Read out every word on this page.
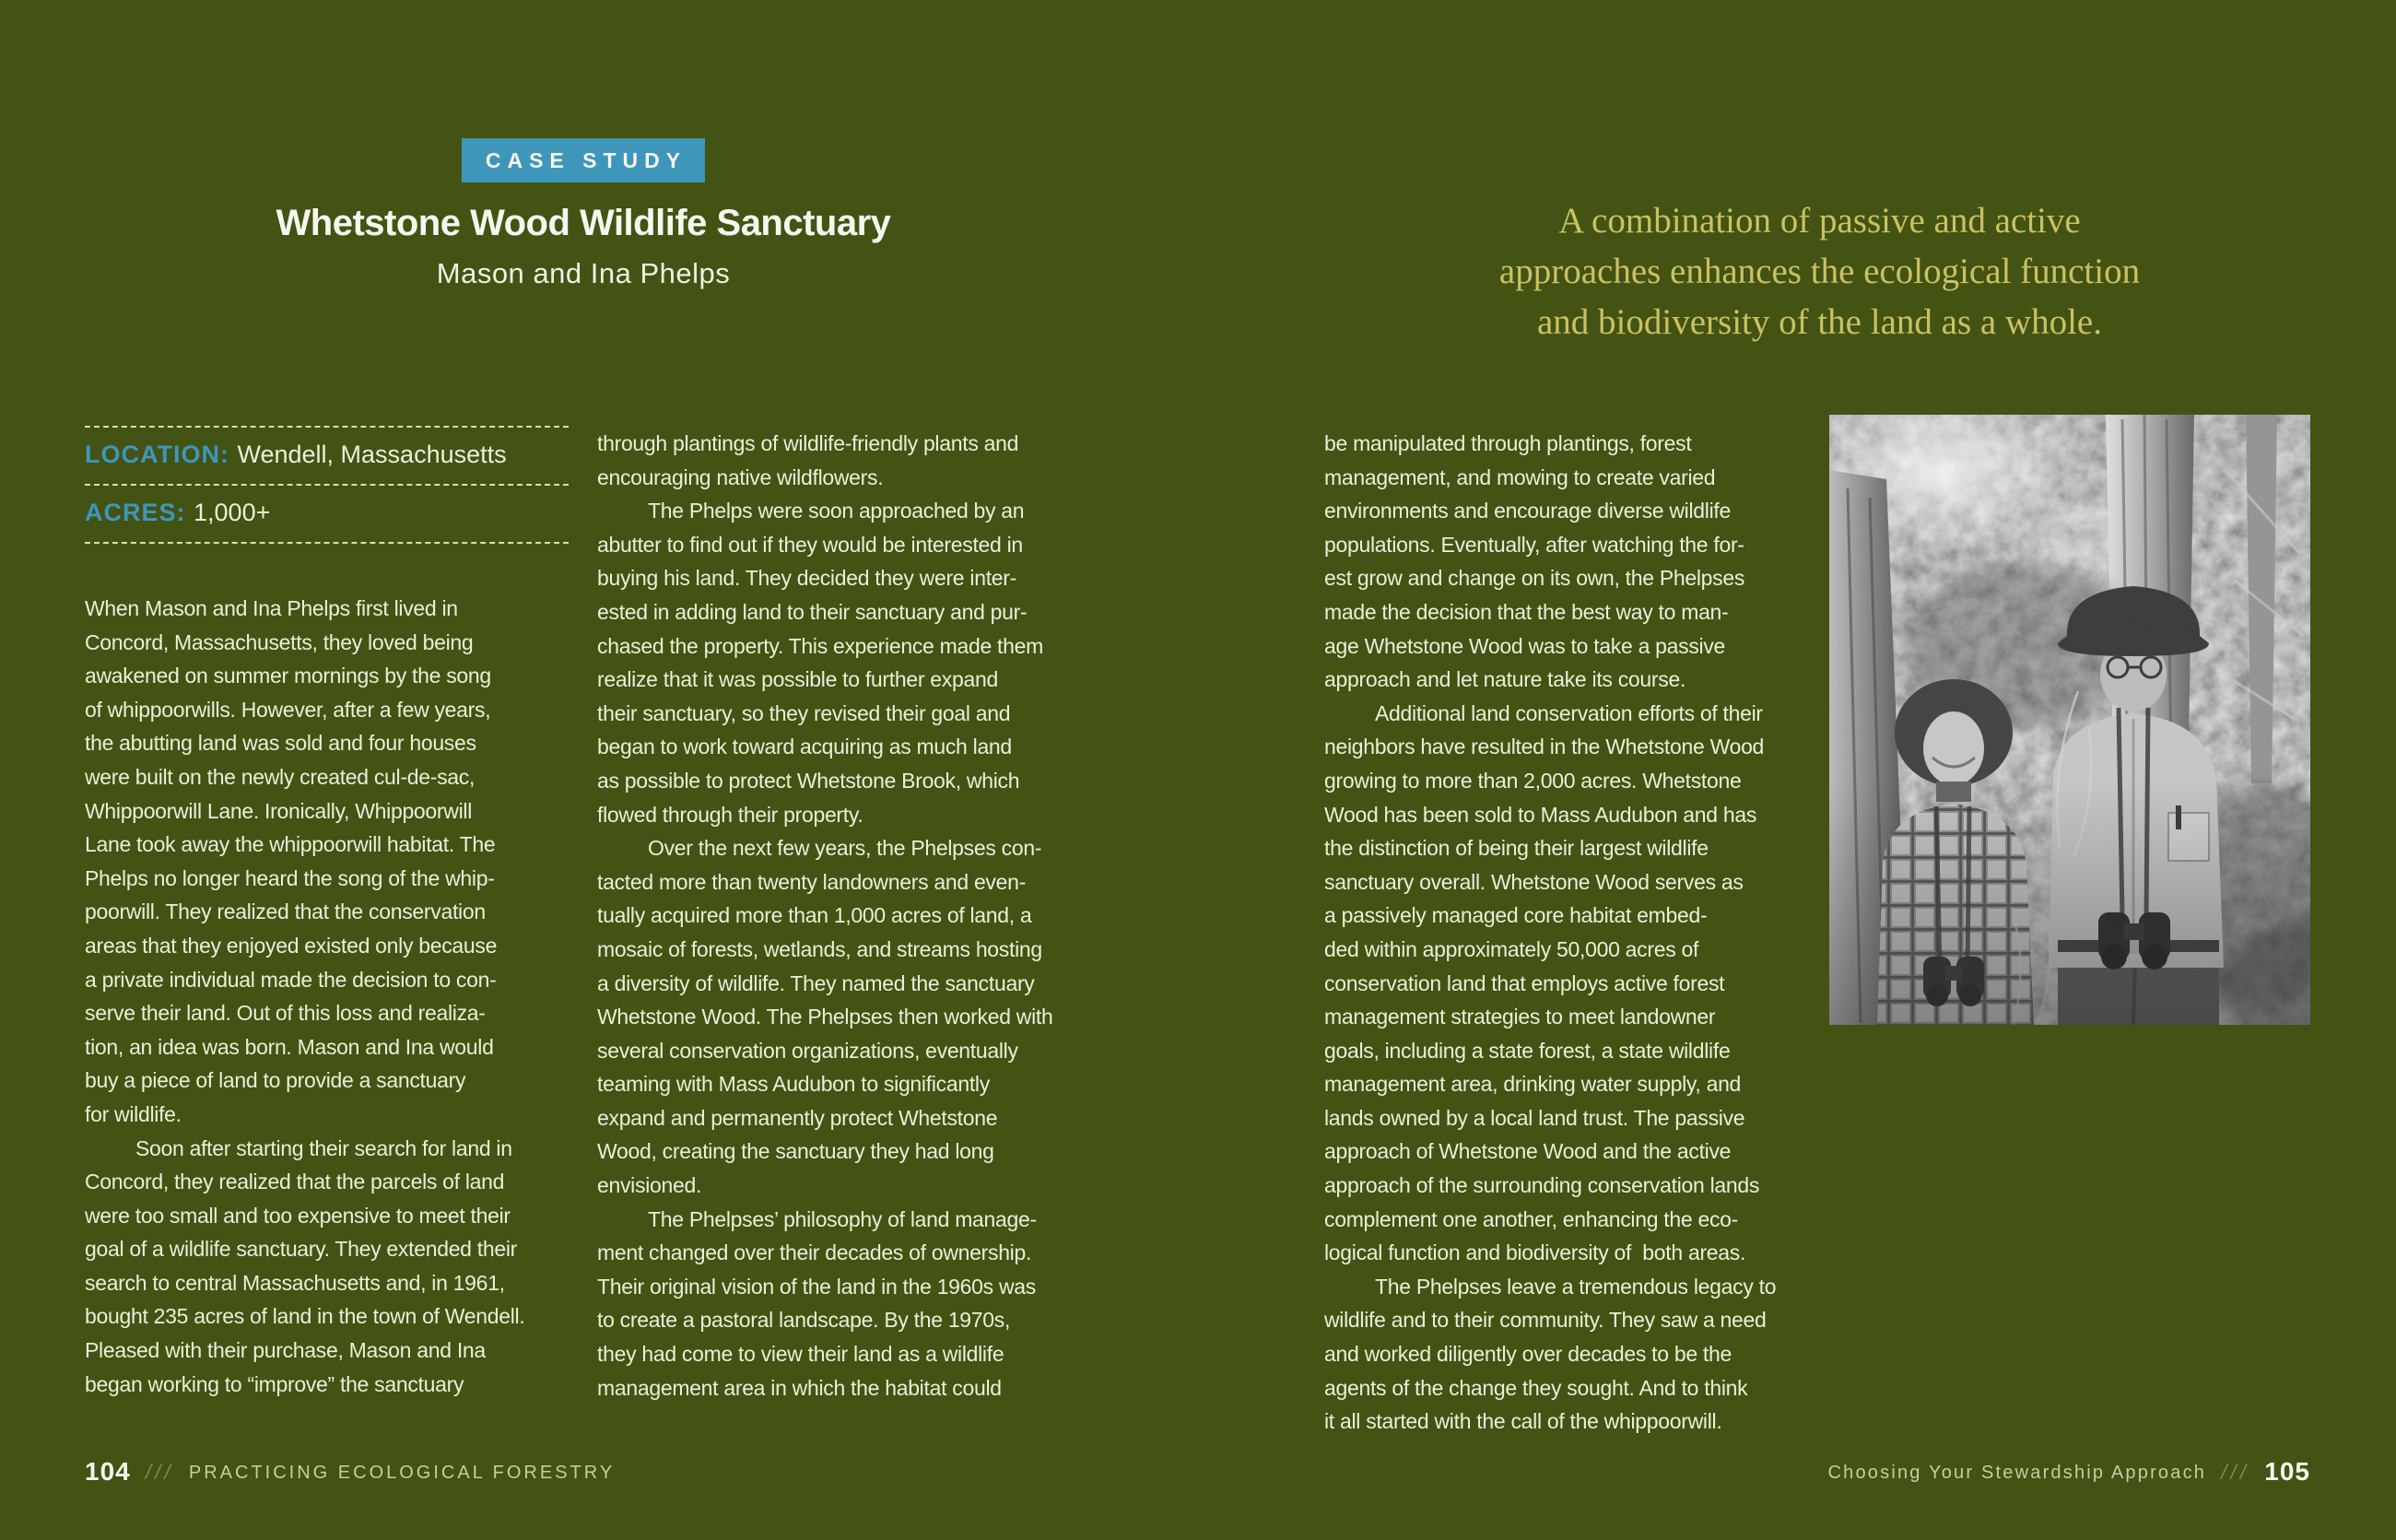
CASE STUDY
Whetstone Wood Wildlife Sanctuary
Mason and Ina Phelps
A combination of passive and active
approaches enhances the ecological function
and biodiversity of the land as a whole.
LOCATION: Wendell, Massachusetts
ACRES: 1,000+
When Mason and Ina Phelps first lived in
Concord, Massachusetts, they loved being
awakened on summer mornings by the song
of whippoorwills. However, after a few years,
the abutting land was sold and four houses
were built on the newly created cul-de-sac,
Whippoorwill Lane. Ironically, Whippoorwill
Lane took away the whippoorwill habitat. The
Phelps no longer heard the song of the whip-
poorwill. They realized that the conservation
areas that they enjoyed existed only because
a private individual made the decision to con-
serve their land. Out of this loss and realiza-
tion, an idea was born. Mason and Ina would
buy a piece of land to provide a sanctuary
for wildlife.
Soon after starting their search for land in
Concord, they realized that the parcels of land
were too small and too expensive to meet their
goal of a wildlife sanctuary. They extended their
search to central Massachusetts and, in 1961,
bought 235 acres of land in the town of Wendell.
Pleased with their purchase, Mason and Ina
began working to “improve” the sanctuary
through plantings of wildlife-friendly plants and
encouraging native wildflowers.
The Phelps were soon approached by an
abutter to find out if they would be interested in
buying his land. They decided they were inter-
ested in adding land to their sanctuary and pur-
chased the property. This experience made them
realize that it was possible to further expand
their sanctuary, so they revised their goal and
began to work toward acquiring as much land
as possible to protect Whetstone Brook, which
flowed through their property.
Over the next few years, the Phelpses con-
tacted more than twenty landowners and even-
tually acquired more than 1,000 acres of land, a
mosaic of forests, wetlands, and streams hosting
a diversity of wildlife. They named the sanctuary
Whetstone Wood. The Phelpses then worked with
several conservation organizations, eventually
teaming with Mass Audubon to significantly
expand and permanently protect Whetstone
Wood, creating the sanctuary they had long
envisioned.
The Phelpses’ philosophy of land manage-
ment changed over their decades of ownership.
Their original vision of the land in the 1960s was
to create a pastoral landscape. By the 1970s,
they had come to view their land as a wildlife
management area in which the habitat could
be manipulated through plantings, forest
management, and mowing to create varied
environments and encourage diverse wildlife
populations. Eventually, after watching the for-
est grow and change on its own, the Phelpses
made the decision that the best way to man-
age Whetstone Wood was to take a passive
approach and let nature take its course.
Additional land conservation efforts of their
neighbors have resulted in the Whetstone Wood
growing to more than 2,000 acres. Whetstone
Wood has been sold to Mass Audubon and has
the distinction of being their largest wildlife
sanctuary overall. Whetstone Wood serves as
a passively managed core habitat embed-
ded within approximately 50,000 acres of
conservation land that employs active forest
management strategies to meet landowner
goals, including a state forest, a state wildlife
management area, drinking water supply, and
lands owned by a local land trust. The passive
approach of Whetstone Wood and the active
approach of the surrounding conservation lands
complement one another, enhancing the eco-
logical function and biodiversity of  both areas.
The Phelpses leave a tremendous legacy to
wildlife and to their community. They saw a need
and worked diligently over decades to be the
agents of the change they sought. And to think
it all started with the call of the whippoorwill.
104 /// PRACTICING ECOLOGICAL FORESTRY	Choosing Your Stewardship Approach /// 105
